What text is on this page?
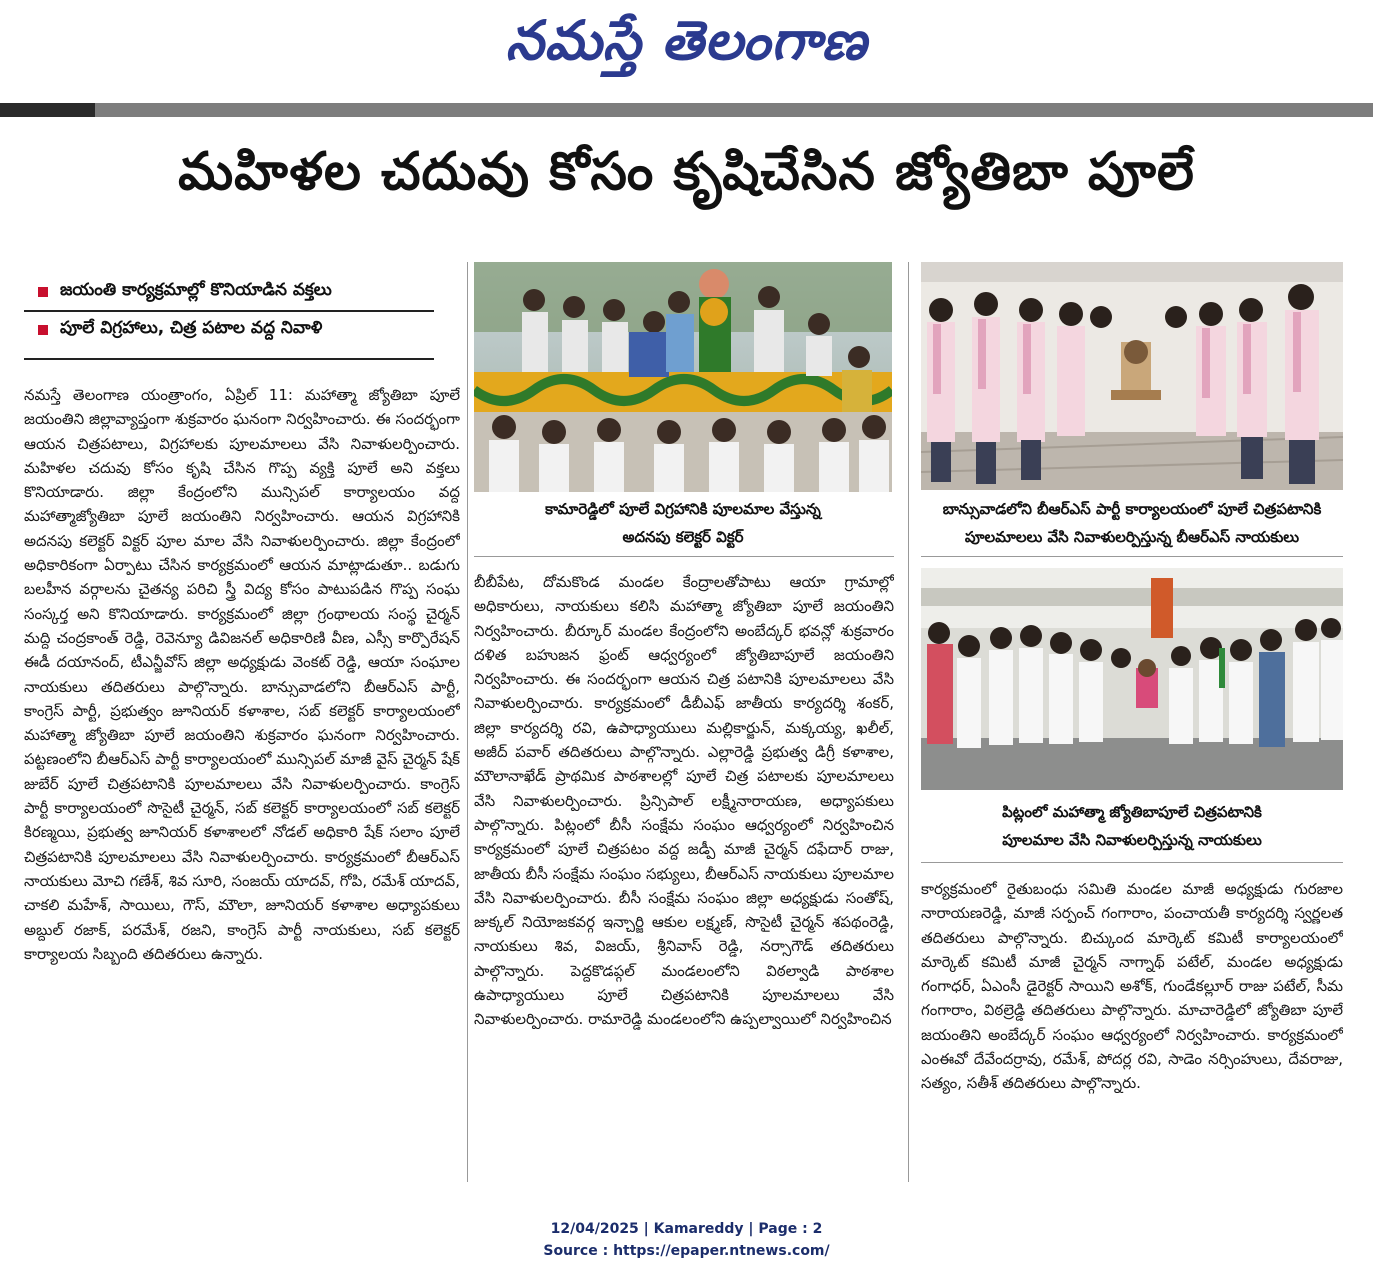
నమస్తే తెలంగాణ
మహిళల చదువు కోసం కృషిచేసిన జ్యోతిబా పూలే
జయంతి కార్యక్రమాల్లో కొనియాడిన వక్తలు
పూలే విగ్రహాలు, చిత్ర పటాల వద్ద నివాళి

నమస్తే తెలంగాణ యంత్రాంగం, ఏప్రిల్ 11: మహాత్మా జ్యోతిబా పూలే జయంతిని జిల్లావ్యాప్తంగా శుక్రవారం ఘనంగా నిర్వహించారు. ఈ సందర్భంగా ఆయన చిత్రపటాలు, విగ్రహాలకు పూలమాలలు వేసి నివాళులర్పించారు. మహిళల చదువు కోసం కృషి చేసిన గొప్ప వ్యక్తి పూలే అని వక్తలు కొనియాడారు. జిల్లా కేంద్రంలోని మున్సిపల్ కార్యాలయం వద్ద మహాత్మాజ్యోతిబా పూలే జయంతిని నిర్వహించారు. ఆయన విగ్రహానికి అదనపు కలెక్టర్ విక్టర్ పూల మాల వేసి నివాళులర్పించారు. జిల్లా కేంద్రంలో అధికారికంగా ఏర్పాటు చేసిన కార్యక్రమంలో ఆయన మాట్లాడుతూ.. బడుగు బలహీన వర్గాలను చైతన్య పరిచి స్త్రీ విద్య కోసం పాటుపడిన గొప్ప సంఘ సంస్కర్త అని కొనియాడారు. కార్యక్రమంలో జిల్లా గ్రంథాలయ సంస్థ చైర్మన్ మద్ది చంద్రకాంత్ రెడ్డి, రెవెన్యూ డివిజనల్ అధికారిణి వీణ, ఎస్సీ కార్పొరేషన్ ఈడీ దయానంద్, టీఎన్జీవోస్ జిల్లా అధ్యక్షుడు వెంకట్ రెడ్డి, ఆయా సంఘాల నాయకులు తదితరులు పాల్గొన్నారు. బాన్సువాడలోని బీఆర్ఎస్ పార్టీ, కాంగ్రెస్ పార్టీ, ప్రభుత్వం జూనియర్ కళాశాల, సబ్ కలెక్టర్ కార్యాలయంలో మహాత్మా జ్యోతిబా పూలే జయంతిని శుక్రవారం ఘనంగా నిర్వహించారు. పట్టణంలోని బీఆర్ఎస్ పార్టీ కార్యాలయంలో మున్సిపల్ మాజీ వైస్ చైర్మన్ షేక్ జుబేర్ పూలే చిత్రపటానికి పూలమాలలు వేసి నివాళులర్పించారు. కాంగ్రెస్ పార్టీ కార్యాలయంలో సొసైటీ చైర్మన్, సబ్ కలెక్టర్ కార్యాలయంలో సబ్ కలెక్టర్ కిరణ్మయి, ప్రభుత్వ జూనియర్ కళాశాలలో నోడల్ అధికారి షేక్ సలాం పూలే చిత్రపటానికి పూలమాలలు వేసి నివాళులర్పించారు. కార్యక్రమంలో బీఆర్ఎస్ నాయకులు మోచి గణేశ్, శివ సూరి, సంజయ్ యాదవ్, గోపి, రమేశ్ యాదవ్, చాకలి మహేశ్, సాయిలు, గౌస్, మౌలా, జూనియర్ కళాశాల అధ్యాపకులు అబ్దుల్ రజాక్, పరమేశ్, రజని, కాంగ్రెస్ పార్టీ నాయకులు, సబ్ కలెక్టర్ కార్యాలయ సిబ్బంది తదితరులు ఉన్నారు.

కామారెడ్డిలో పూలే విగ్రహానికి పూలమాల వేస్తున్న
అదనపు కలెక్టర్ విక్టర్

బీబీపేట, దోమకొండ మండల కేంద్రాలతోపాటు ఆయా గ్రామాల్లో అధికారులు, నాయకులు కలిసి మహాత్మా జ్యోతిబా పూలే జయంతిని నిర్వహించారు. బీర్కూర్ మండల కేంద్రంలోని అంబేద్కర్ భవన్లో శుక్రవారం దళిత బహుజన ఫ్రంట్ ఆధ్వర్యంలో జ్యోతిబాపూలే జయంతిని నిర్వహించారు. ఈ సందర్భంగా ఆయన చిత్ర పటానికి పూలమాలలు వేసి నివాళులర్పించారు. కార్యక్రమంలో డీబీఎఫ్ జాతీయ కార్యదర్శి శంకర్, జిల్లా కార్యదర్శి రవి, ఉపాధ్యాయులు మల్లికార్జున్, మక్కయ్య, ఖలీల్, అజీద్ పవార్ తదితరులు పాల్గొన్నారు. ఎల్లారెడ్డి ప్రభుత్వ డిగ్రీ కళాశాల, మౌలానాఖేడ్ ప్రాథమిక పాఠశాలల్లో పూలే చిత్ర పటాలకు పూలమాలలు వేసి నివాళులర్పించారు. ప్రిన్సిపాల్ లక్ష్మీనారాయణ, అధ్యాపకులు పాల్గొన్నారు. పిట్లంలో బీసీ సంక్షేమ సంఘం ఆధ్వర్యంలో నిర్వహించిన కార్యక్రమంలో పూలే చిత్రపటం వద్ద జడ్పీ మాజీ చైర్మన్ దఫేదార్ రాజు, జాతీయ బీసీ సంక్షేమ సంఘం సభ్యులు, బీఆర్ఎస్ నాయకులు పూలమాల వేసి నివాళులర్పించారు. బీసీ సంక్షేమ సంఘం జిల్లా అధ్యక్షుడు సంతోష్, జుక్కల్ నియోజకవర్గ ఇన్చార్జి ఆకుల లక్ష్మణ్, సొసైటీ చైర్మన్ శపథంరెడ్డి, నాయకులు శివ, విజయ్, శ్రీనివాస్ రెడ్డి, నర్సాగౌడ్ తదితరులు పాల్గొన్నారు. పెద్దకొడప్గల్ మండలంలోని విఠల్వాడి పాఠశాల ఉపాధ్యాయులు పూలే చిత్రపటానికి పూలమాలలు వేసి నివాళులర్పించారు. రామారెడ్డి మండలంలోని ఉప్పల్వాయిలో నిర్వహించిన

బాన్సువాడలోని బీఆర్ఎస్ పార్టీ కార్యాలయంలో పూలే చిత్రపటానికి
పూలమాలలు వేసి నివాళులర్పిస్తున్న బీఆర్ఎస్ నాయకులు
పిట్లంలో మహాత్మా జ్యోతిబాపూలే చిత్రపటానికి
పూలమాల వేసి నివాళులర్పిస్తున్న నాయకులు

కార్యక్రమంలో రైతుబంధు సమితి మండల మాజీ అధ్యక్షుడు గురజాల నారాయణరెడ్డి, మాజీ సర్పంచ్ గంగారాం, పంచాయతీ కార్యదర్శి స్వర్ణలత తదితరులు పాల్గొన్నారు. బిచ్కుంద మార్కెట్ కమిటీ కార్యాలయంలో మార్కెట్ కమిటీ మాజీ చైర్మన్ నాగ్నాథ్ పటేల్, మండల అధ్యక్షుడు గంగాధర్, ఏఎంసీ డైరెక్టర్ సాయిని అశోక్, గుండేకల్లూర్ రాజు పటేల్, సీమ గంగారాం, విఠల్రెడ్డి తదితరులు పాల్గొన్నారు. మాచారెడ్డిలో జ్యోతిబా పూలే జయంతిని అంబేద్కర్ సంఘం ఆధ్వర్యంలో నిర్వహించారు. కార్యక్రమంలో ఎంఈవో దేవేందర్రావు, రమేశ్, పోదర్ల రవి, సాడెం నర్సింహులు, దేవరాజు, సత్యం, సతీశ్ తదితరులు పాల్గొన్నారు.

12/04/2025 | Kamareddy | Page : 2
Source : https://epaper.ntnews.com/
